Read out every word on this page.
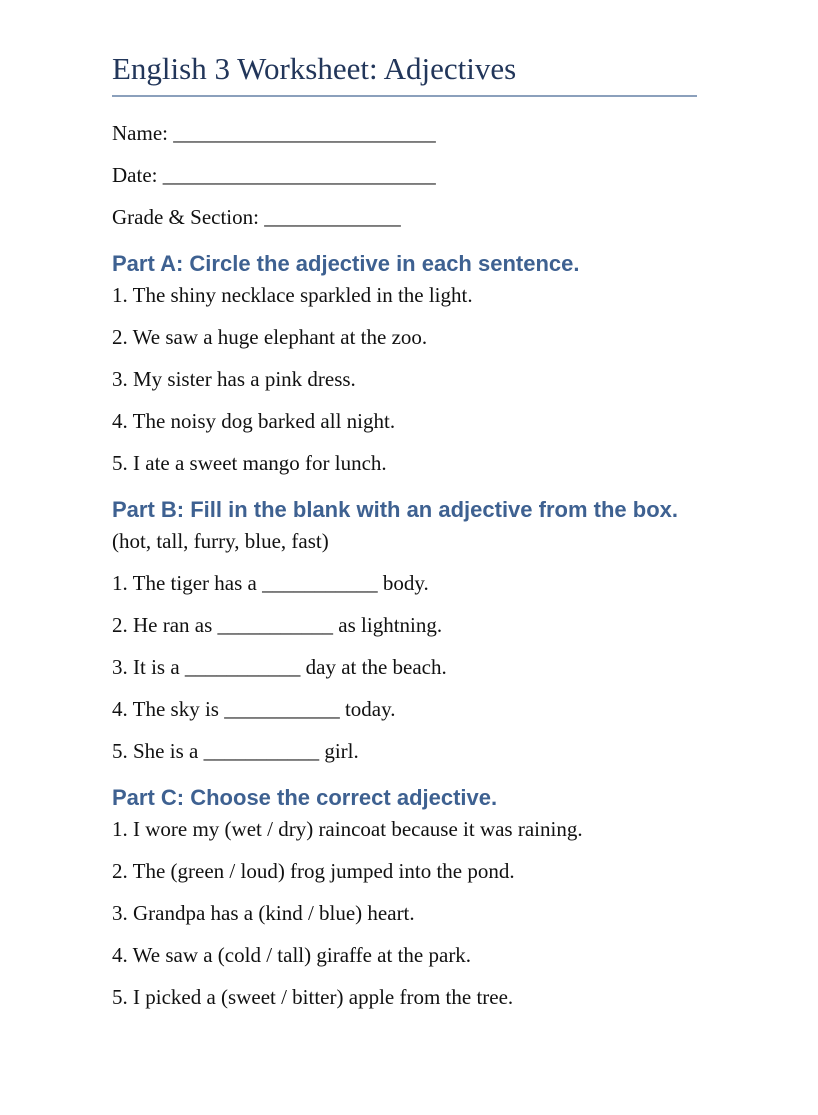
English 3 Worksheet: Adjectives

Name: _________________________

Date: __________________________

Grade & Section: _____________

Part A: Circle the adjective in each sentence.

1. The shiny necklace sparkled in the light.

2. We saw a huge elephant at the zoo.

3. My sister has a pink dress.

4. The noisy dog barked all night.

5. I ate a sweet mango for lunch.

Part B: Fill in the blank with an adjective from the box.

(hot, tall, furry, blue, fast)

1. The tiger has a ___________ body.

2. He ran as ___________ as lightning.

3. It is a ___________ day at the beach.

4. The sky is ___________ today.

5. She is a ___________ girl.

Part C: Choose the correct adjective.

1. I wore my (wet / dry) raincoat because it was raining.

2. The (green / loud) frog jumped into the pond.

3. Grandpa has a (kind / blue) heart.

4. We saw a (cold / tall) giraffe at the park.

5. I picked a (sweet / bitter) apple from the tree.
